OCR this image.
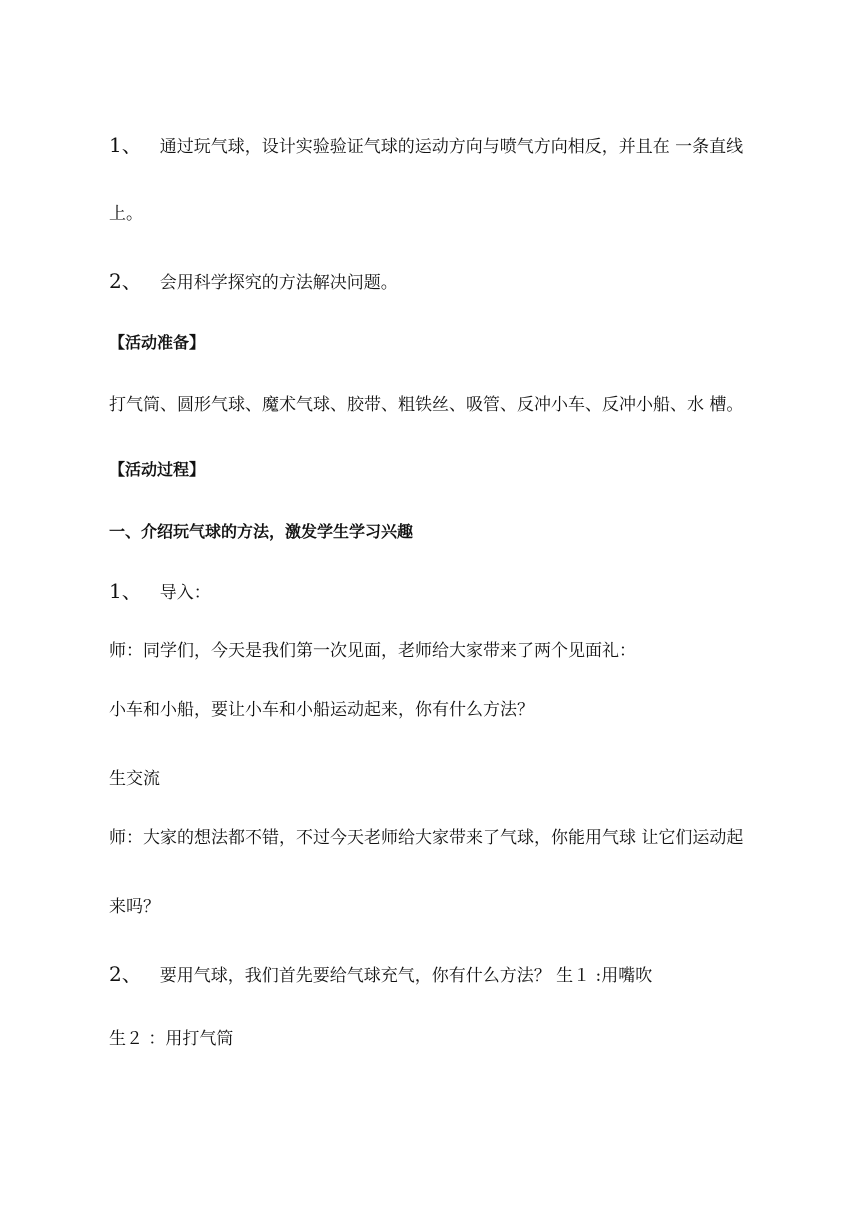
1、 通过玩气球，设计实验验证气球的运动方向与喷气方向相反，并且在 一条直线
上。
2、 会用科学探究的方法解决问题。
【活动准备】
打气筒、圆形气球、魔术气球、胶带、粗铁丝、吸管、反冲小车、反冲小船、水 槽。
【活动过程】
一、介绍玩气球的方法，激发学生学习兴趣
1、 导入：
师：同学们，今天是我们第一次见面，老师给大家带来了两个见面礼：
小车和小船，要让小车和小船运动起来，你有什么方法？
生交流
师：大家的想法都不错，不过今天老师给大家带来了气球，你能用气球 让它们运动起
来吗？
2、 要用气球，我们首先要给气球充气，你有什么方法？ 生１ :用嘴吹
生２ ：用打气筒
